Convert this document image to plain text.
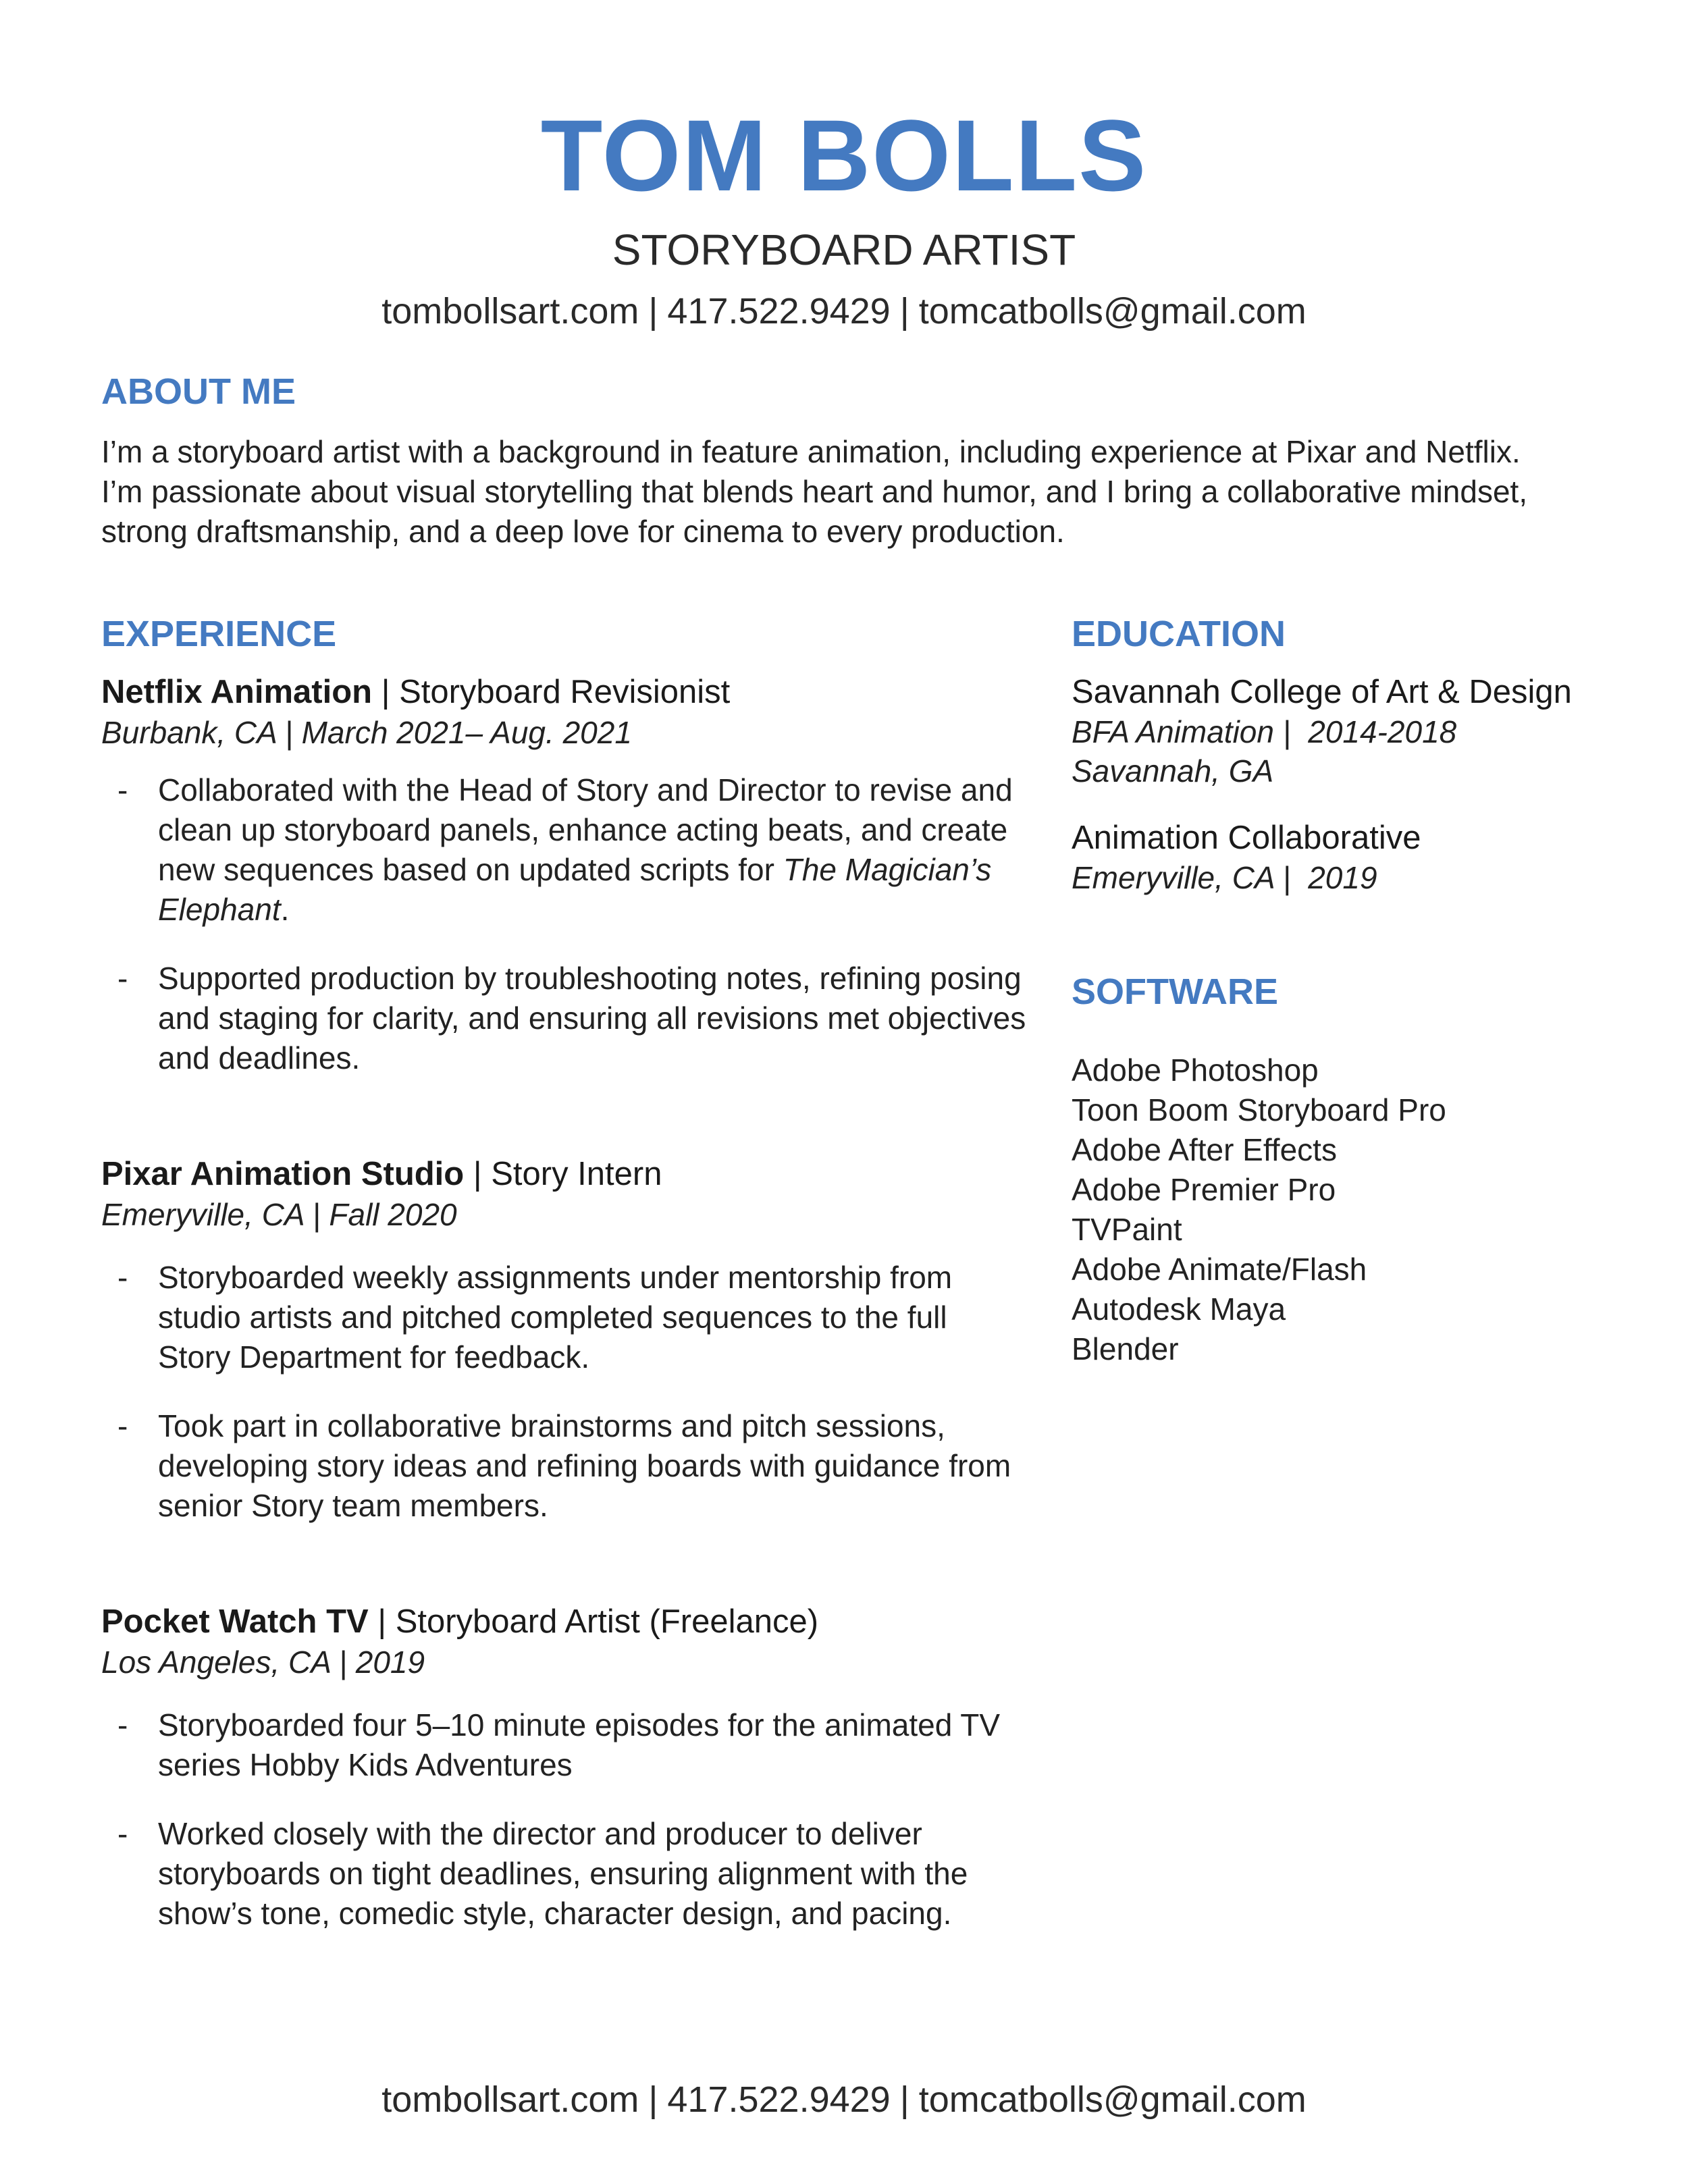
TOM BOLLS
STORYBOARD ARTIST
tombollsart.com | 417.522.9429 | tomcatbolls@gmail.com
ABOUT ME

I’m a storyboard artist with a background in feature animation, including experience at Pixar and Netflix. I’m passionate about visual storytelling that blends heart and humor, and I bring a collaborative mindset, strong draftsmanship, and a deep love for cinema to every production.

EXPERIENCE
Netflix Animation | Storyboard Revisionist
Burbank, CA | March 2021– Aug. 2021
- Collaborated with the Head of Story and Director to revise and clean up storyboard panels, enhance acting beats, and create new sequences based on updated scripts for The Magician’s Elephant.
- Supported production by troubleshooting notes, refining posing and staging for clarity, and ensuring all revisions met objectives and deadlines.
Pixar Animation Studio | Story Intern
Emeryville, CA | Fall 2020
- Storyboarded weekly assignments under mentorship from studio artists and pitched completed sequences to the full Story Department for feedback.
- Took part in collaborative brainstorms and pitch sessions, developing story ideas and refining boards with guidance from senior Story team members.
Pocket Watch TV | Storyboard Artist (Freelance)
Los Angeles, CA | 2019
- Storyboarded four 5–10 minute episodes for the animated TV series Hobby Kids Adventures
- Worked closely with the director and producer to deliver storyboards on tight deadlines, ensuring alignment with the show’s tone, comedic style, character design, and pacing.
EDUCATION
Savannah College of Art & Design
BFA Animation |  2014-2018
Savannah, GA
Animation Collaborative
Emeryville, CA |  2019
SOFTWARE
Adobe Photoshop
Toon Boom Storyboard Pro
Adobe After Effects
Adobe Premier Pro
TVPaint
Adobe Animate/Flash
Autodesk Maya
Blender
tombollsart.com | 417.522.9429 | tomcatbolls@gmail.com
